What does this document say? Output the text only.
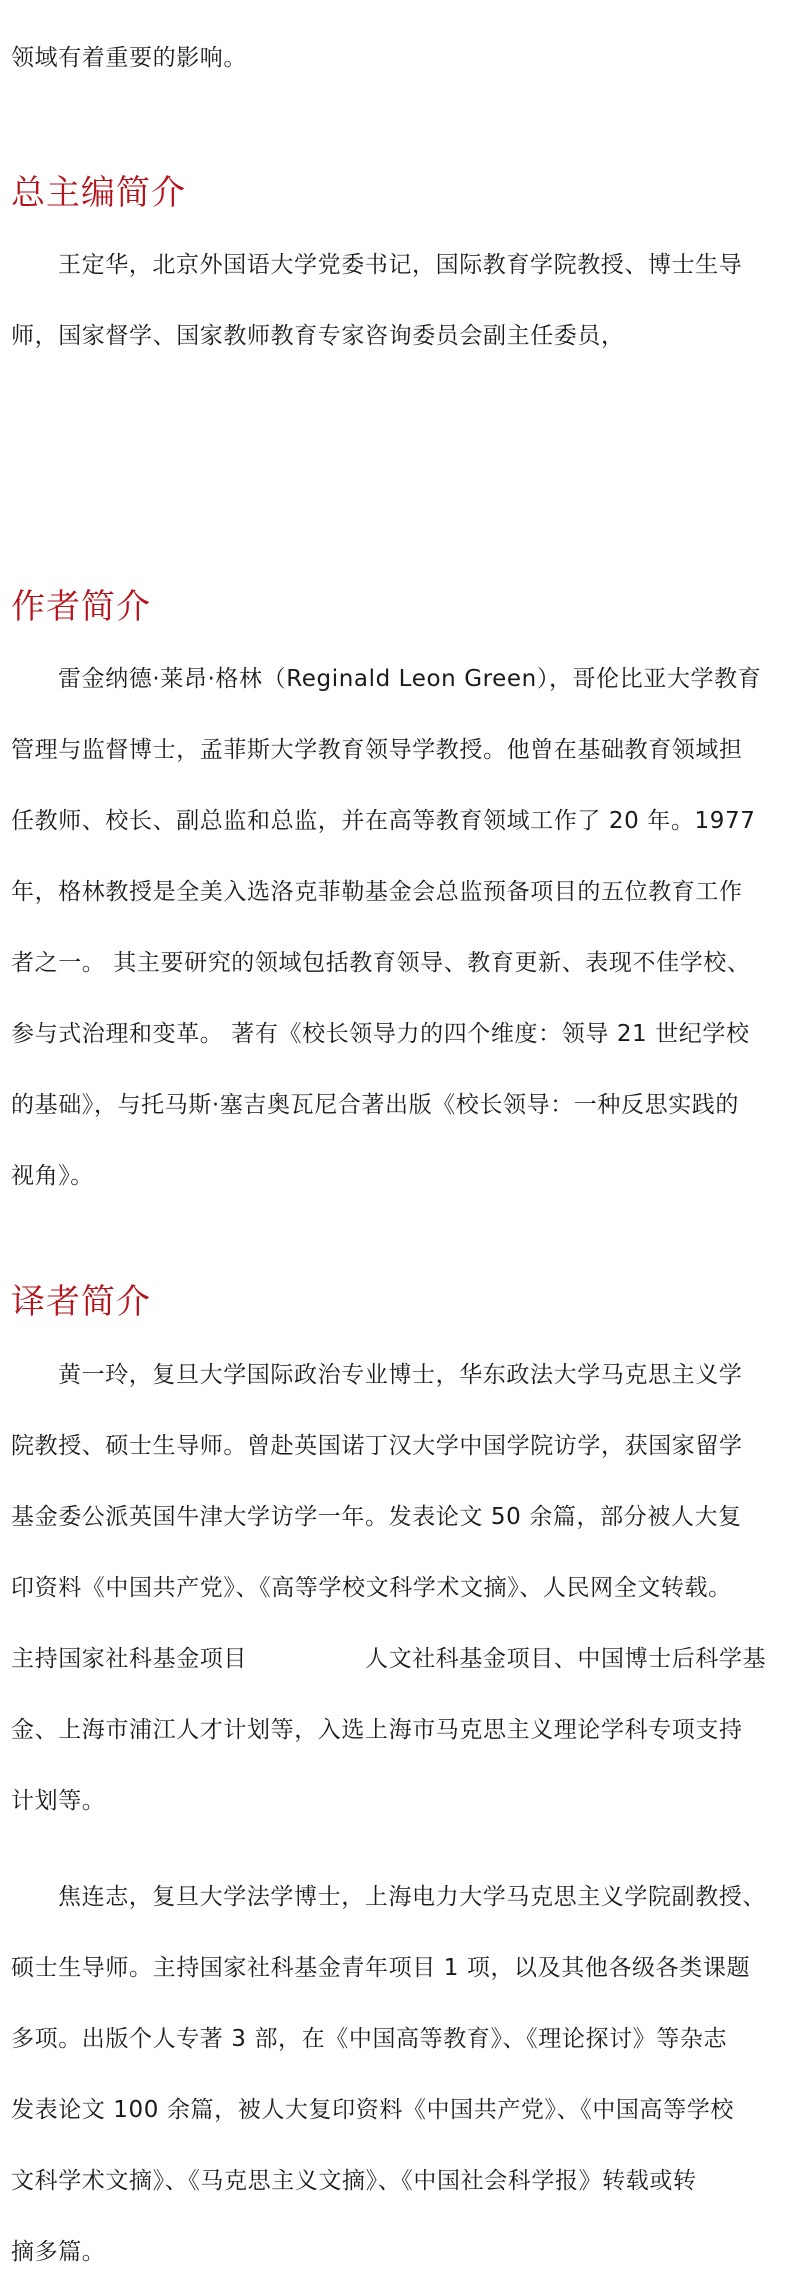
领域有着重要的影响。

总主编简介

王定华，北京外国语大学党委书记，国际教育学院教授、博士生导
师，国家督学、国家教师教育专家咨询委员会副主任委员，

作者简介

雷金纳德·莱昂·格林（Reginald Leon Green），哥伦比亚大学教育
管理与监督博士，孟菲斯大学教育领导学教授。他曾在基础教育领域担
任教师、校长、副总监和总监，并在高等教育领域工作了 20 年。1977
年，格林教授是全美入选洛克菲勒基金会总监预备项目的五位教育工作
者之一。 其主要研究的领域包括教育领导、教育更新、表现不佳学校、
参与式治理和变革。 著有《校长领导力的四个维度：领导 21 世纪学校
的基础》，与托马斯·塞吉奥瓦尼合著出版《校长领导：一种反思实践的
视角》。

译者简介

黄一玲，复旦大学国际政治专业博士，华东政法大学马克思主义学
院教授、硕士生导师。曾赴英国诺丁汉大学中国学院访学，获国家留学
基金委公派英国牛津大学访学一年。发表论文 50 余篇，部分被人大复
印资料《中国共产党》、《高等学校文科学术文摘》、人民网全文转载。
主持国家社科基金项目　　　　　人文社科基金项目、中国博士后科学基
金、上海市浦江人才计划等，入选上海市马克思主义理论学科专项支持
计划等。

焦连志，复旦大学法学博士，上海电力大学马克思主义学院副教授、
硕士生导师。主持国家社科基金青年项目 1 项，以及其他各级各类课题
多项。出版个人专著 3 部，在《中国高等教育》、《理论探讨》等杂志
发表论文 100 余篇，被人大复印资料《中国共产党》、《中国高等学校
文科学术文摘》、《马克思主义文摘》、《中国社会科学报》转载或转
摘多篇。
